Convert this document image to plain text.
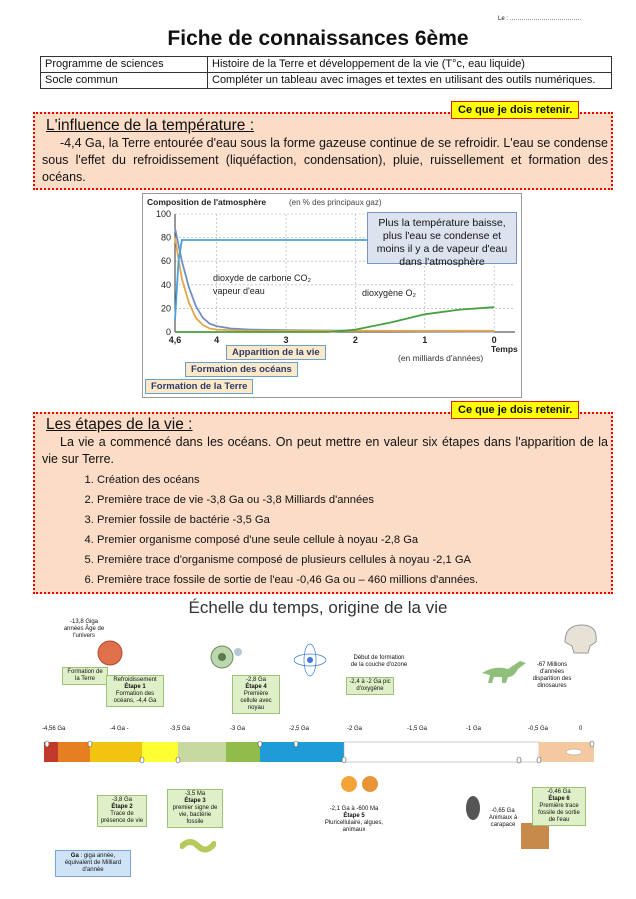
Le : ………………………………
Fiche de connaissances 6ème
Programme de sciences	Histoire de la Terre et développement de la vie (T°c, eau liquide)
Socle commun	Compléter un tableau avec images et textes en utilisant des outils numériques.
Ce que je dois retenir.
L'influence de la température :
-4,4 Ga, la Terre entourée d'eau sous la forme gazeuse continue de se refroidir. L'eau se condense sous l'effet du refroidissement (liquéfaction, condensation), pluie, ruissellement et formation des océans.
Composition de l'atmosphère	(en % des principaux gaz)
0
20
40
60
80
100
4,6	4	3	2	1	0
Temps
(en milliards d'années)
dioxyde de carbone CO₂
vapeur d'eau	dioxygène O₂
Plus la température baisse, plus l'eau se condense et moins il y a de vapeur d'eau dans l'atmosphère
Apparition de la vie
Formation des océans
Formation de la Terre
Ce que je dois retenir.
Les étapes de la vie :
La vie a commencé dans les océans. On peut mettre en valeur six étapes dans l'apparition de la vie sur Terre.
1. Création des océans
2. Première trace de vie -3,8 Ga ou -3,8 Milliards d'années
3. Premier fossile de bactérie -3,5 Ga
4. Premier organisme composé d'une seule cellule à noyau -2,8 Ga
5. Première trace d'organisme composé de plusieurs cellules à noyau -2,1 GA
6. Première trace fossile de sortie de l'eau -0,46 Ga ou – 460 millions d'années.
Échelle du temps, origine de la vie
-4,56 Ga	-4 Ga -	-3,5 Ga	-3 Ga	-2,5 Ga	-2 Ga	-1,5 Ga	-1 Ga	-0,5 Ga	0
-13,8 Giga années Âge de l'univers
Formation de la Terre	Refroidissement
Étape 1
Formation des océans, -4,4 Ga
-2,8 Ga
Étape 4
Première cellule avec noyau
Début de formation de la couche d'ozone
-2,4 à -2 Ga pic d'oxygène
-67 Millions d'années disparition des dinosaures
-3,8 Ga
Étape 2
Trace de présence de vie
-3,5 Ma
Étape 3
premier signe de vie, bactérie fossile
-2,1 Ga à -600 Ma
Étape 5
Pluricellulaire, algues, animaux
-0,65 Ga Animaux à carapace
-0,46 Ga
Étape 6
Première trace fossile de sortie de l'eau
Ga : giga année, équivalent de Milliard d'année
